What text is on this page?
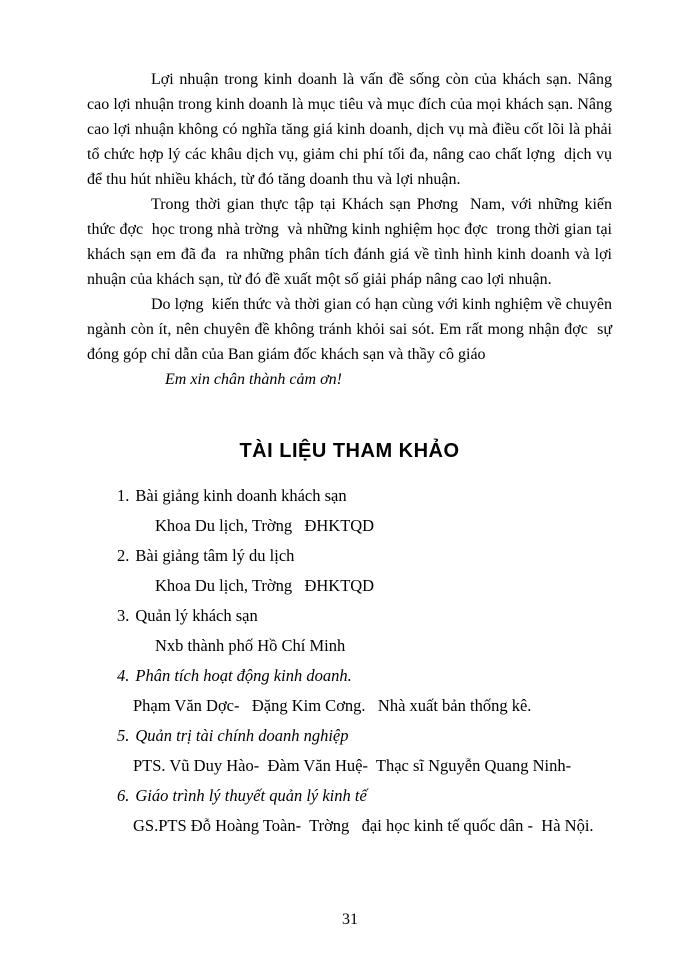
Lợi nhuận trong kinh doanh là vấn đề sống còn của khách sạn. Nâng cao lợi nhuận trong kinh doanh là mục tiêu và mục đích của mọi khách sạn. Nâng cao lợi nhuận không có nghĩa tăng giá kinh doanh, dịch vụ mà điều cốt lõi là phải tổ chức hợp lý các khâu dịch vụ, giảm chi phí tối đa, nâng cao chất lợng  dịch vụ để thu hút nhiều khách, từ đó tăng doanh thu và lợi nhuận.

Trong thời gian thực tập tại Khách sạn Phơng  Nam, với những kiến thức đợc  học trong nhà trờng  và những kinh nghiệm học đợc  trong thời gian tại khách sạn em đã đa  ra những phân tích đánh giá về tình hình kinh doanh và lợi nhuận của khách sạn, từ đó đề xuất một số giải pháp nâng cao lợi nhuận.

Do lợng  kiến thức và thời gian có hạn cùng với kinh nghiệm về chuyên ngành còn ít, nên chuyên đề không tránh khỏi sai sót. Em rất mong nhận đợc  sự đóng góp chỉ dẫn của Ban giám đốc khách sạn và thầy cô giáo

Em xin chân thành cảm ơn!

TÀI LIỆU THAM KHẢO

1. Bài giảng kinh doanh khách sạn

Khoa Du lịch, Trờng   ĐHKTQD

2. Bài giảng tâm lý du lịch

Khoa Du lịch, Trờng   ĐHKTQD

3. Quản lý khách sạn

Nxb thành phố Hồ Chí Minh

4. Phân tích hoạt động kinh doanh.

Phạm Văn Dợc-   Đặng Kim Cơng.   Nhà xuất bản thống kê.

5. Quản trị tài chính doanh nghiệp

PTS. Vũ Duy Hào-  Đàm Văn Huệ-  Thạc sĩ Nguyễn Quang Ninh-

6. Giáo trình lý thuyết quản lý kinh tế

GS.PTS Đỗ Hoàng Toàn-  Trờng   đại học kinh tế quốc dân -  Hà Nội.

31
